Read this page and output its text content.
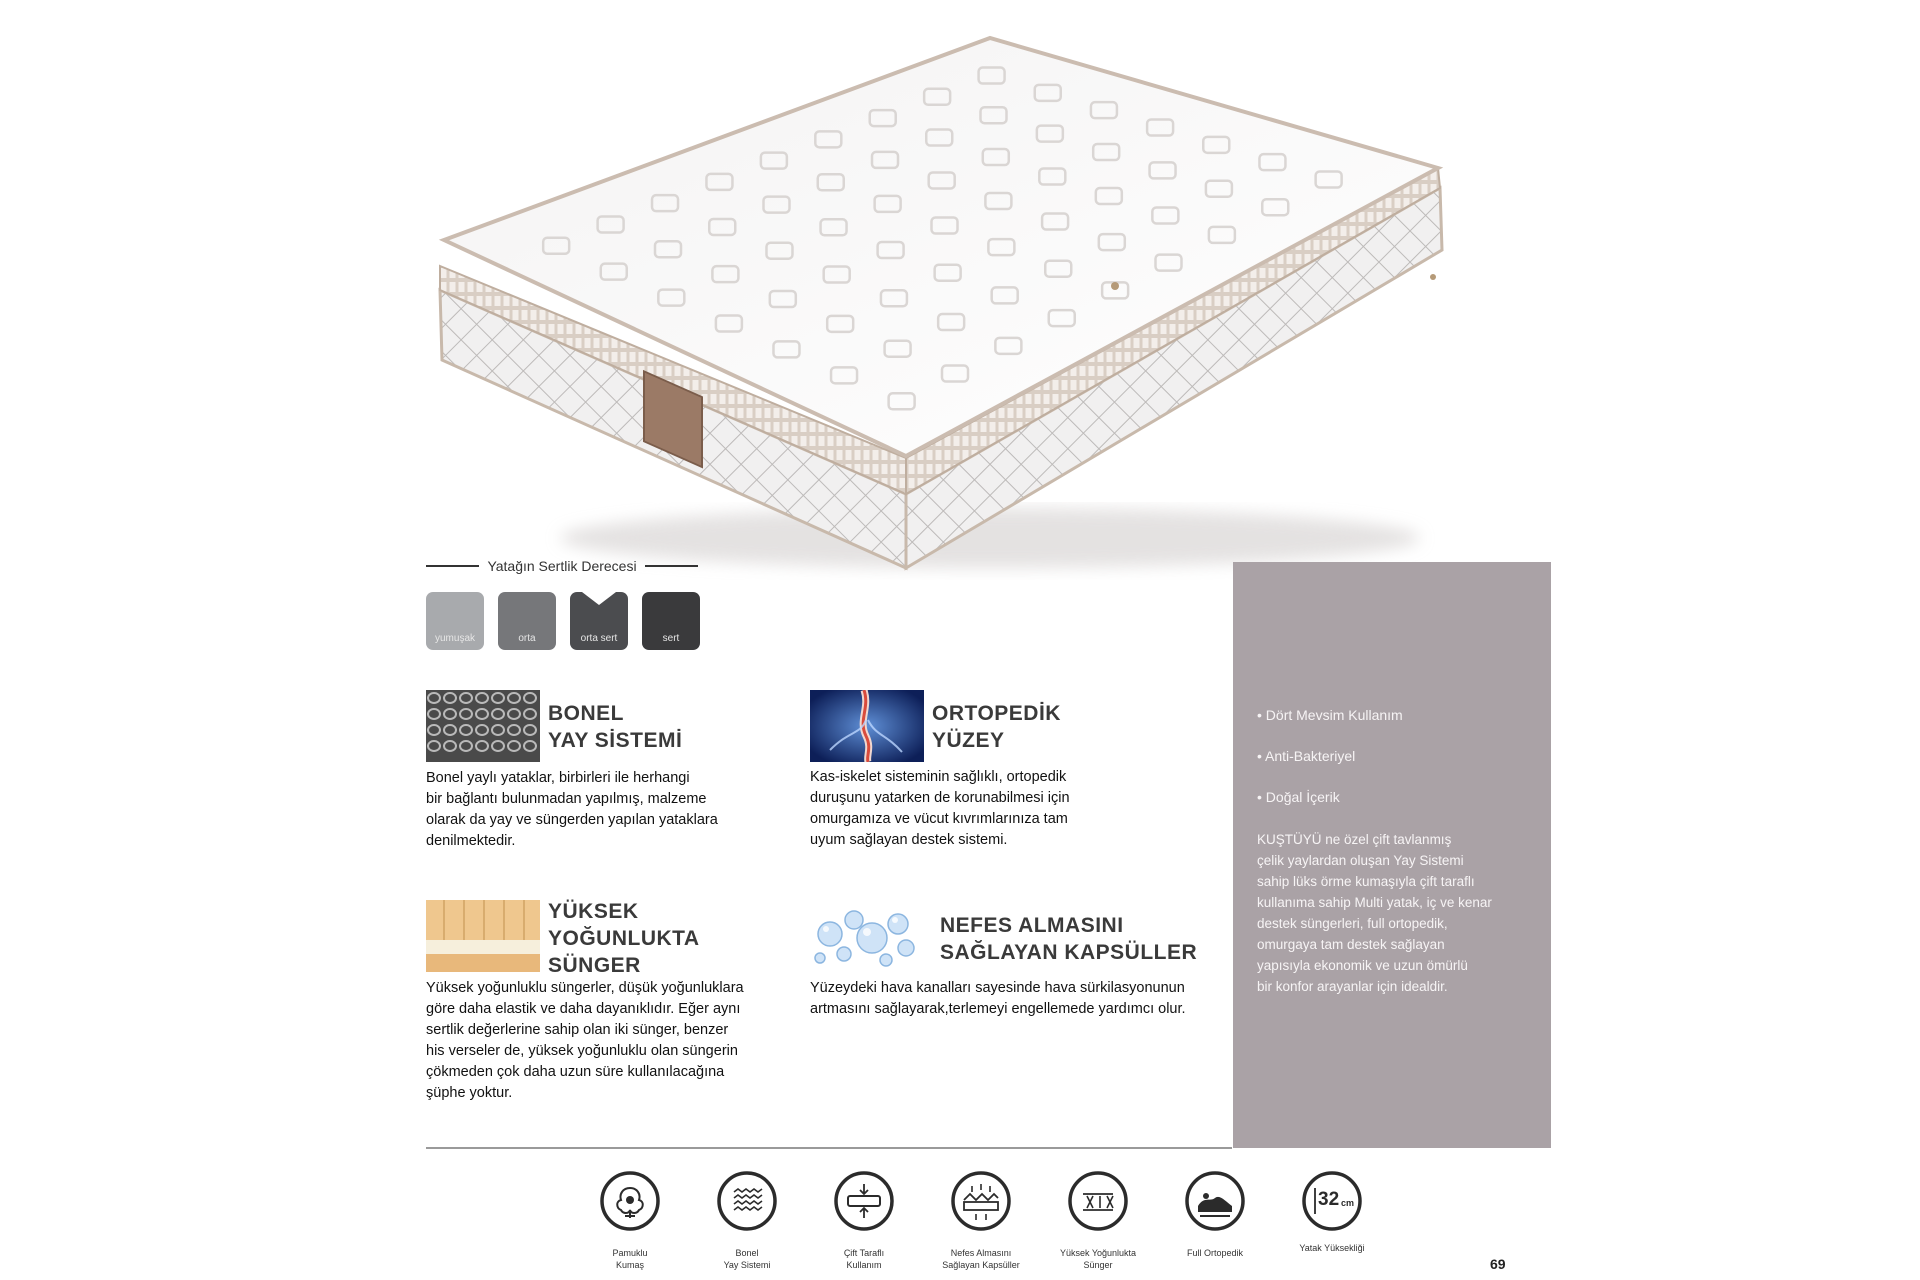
Yatağın Sertlik Derecesi
yumuşak	orta	orta sert	sert
BONEL
YAY SİSTEMİ
Bonel yaylı yataklar, birbirleri ile herhangi
bir bağlantı bulunmadan yapılmış, malzeme
olarak da yay ve süngerden yapılan yataklara
denilmektedir.
ORTOPEDİK
YÜZEY
Kas-iskelet sisteminin sağlıklı, ortopedik
duruşunu yatarken de korunabilmesi için
omurgamıza ve vücut kıvrımlarınıza tam
uyum sağlayan destek sistemi.
YÜKSEK
YOĞUNLUKTA
SÜNGER
Yüksek yoğunluklu süngerler, düşük yoğunluklara
göre daha elastik ve daha dayanıklıdır. Eğer aynı
sertlik değerlerine sahip olan iki sünger, benzer
his verseler de, yüksek yoğunluklu olan süngerin
çökmeden çok daha uzun süre kullanılacağına
şüphe yoktur.
NEFES ALMASINI
SAĞLAYAN KAPSÜLLER
Yüzeydeki hava kanalları sayesinde hava sürkilasyonunun
artmasını sağlayarak,terlemeyi engellemede yardımcı olur.
• Dört Mevsim Kullanım
• Anti-Bakteriyel
• Doğal İçerik
KUŞTÜYÜ ne özel çift tavlanmış
çelik yaylardan oluşan Yay Sistemi
sahip lüks örme kumaşıyla çift taraflı
kullanıma sahip Multi yatak, iç ve kenar
destek süngerleri, full ortopedik,
omurgaya tam destek sağlayan
yapısıyla ekonomik ve uzun ömürlü
bir konfor arayanlar için idealdir.
Pamuklu
Kumaş
Bonel
Yay Sistemi
Çift Taraflı
Kullanım
Nefes Almasını
Sağlayan Kapsüller
Yüksek Yoğunlukta
Sünger
Full Ortopedik
32 cm
Yatak Yüksekliği
69
